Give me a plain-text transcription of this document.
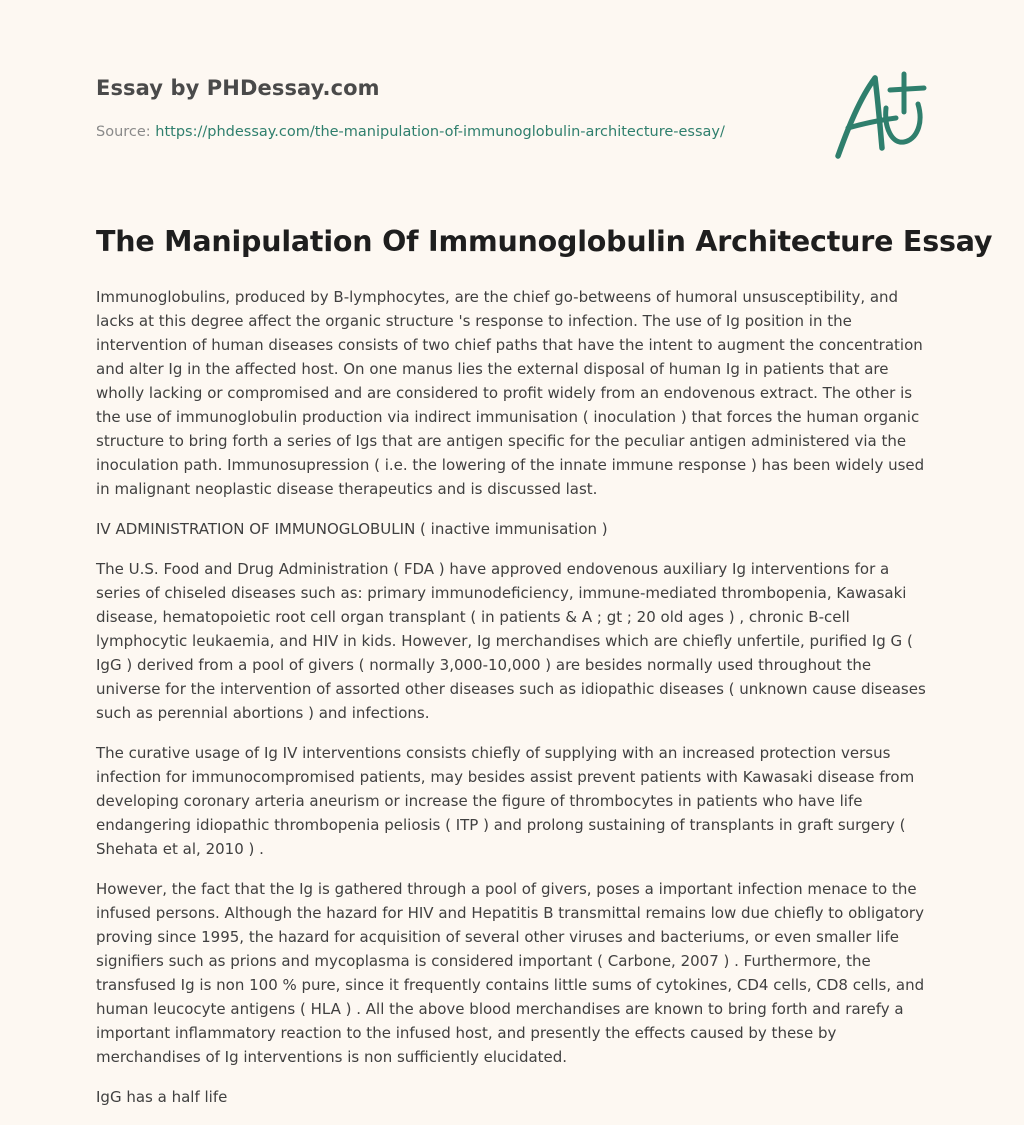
Essay by PHDessay.com
Source: https://phdessay.com/the-manipulation-of-immunoglobulin-architecture-essay/
The Manipulation Of Immunoglobulin Architecture Essay

Immunoglobulins, produced by B-lymphocytes, are the chief go-betweens of humoral unsusceptibility, and lacks at this degree affect the organic structure 's response to infection. The use of Ig position in the intervention of human diseases consists of two chief paths that have the intent to augment the concentration and alter Ig in the affected host. On one manus lies the external disposal of human Ig in patients that are wholly lacking or compromised and are considered to profit widely from an endovenous extract. The other is the use of immunoglobulin production via indirect immunisation ( inoculation ) that forces the human organic structure to bring forth a series of Igs that are antigen specific for the peculiar antigen administered via the inoculation path. Immunosupression ( i.e. the lowering of the innate immune response ) has been widely used in malignant neoplastic disease therapeutics and is discussed last.

IV ADMINISTRATION OF IMMUNOGLOBULIN ( inactive immunisation )

The U.S. Food and Drug Administration ( FDA ) have approved endovenous auxiliary Ig interventions for a series of chiseled diseases such as: primary immunodeficiency, immune-mediated thrombopenia, Kawasaki disease, hematopoietic root cell organ transplant ( in patients & A ; gt ; 20 old ages ) , chronic B-cell lymphocytic leukaemia, and HIV in kids. However, Ig merchandises which are chiefly unfertile, purified Ig G ( IgG ) derived from a pool of givers ( normally 3,000-10,000 ) are besides normally used throughout the universe for the intervention of assorted other diseases such as idiopathic diseases ( unknown cause diseases such as perennial abortions ) and infections.

The curative usage of Ig IV interventions consists chiefly of supplying with an increased protection versus infection for immunocompromised patients, may besides assist prevent patients with Kawasaki disease from developing coronary arteria aneurism or increase the figure of thrombocytes in patients who have life endangering idiopathic thrombopenia peliosis ( ITP ) and prolong sustaining of transplants in graft surgery ( Shehata et al, 2010 ) .

However, the fact that the Ig is gathered through a pool of givers, poses a important infection menace to the infused persons. Although the hazard for HIV and Hepatitis B transmittal remains low due chiefly to obligatory proving since 1995, the hazard for acquisition of several other viruses and bacteriums, or even smaller life signifiers such as prions and mycoplasma is considered important ( Carbone, 2007 ) . Furthermore, the transfused Ig is non 100 % pure, since it frequently contains little sums of cytokines, CD4 cells, CD8 cells, and human leucocyte antigens ( HLA ) . All the above blood merchandises are known to bring forth and rarefy a important inflammatory reaction to the infused host, and presently the effects caused by these by merchandises of Ig interventions is non sufficiently elucidated.

IgG has a half life
